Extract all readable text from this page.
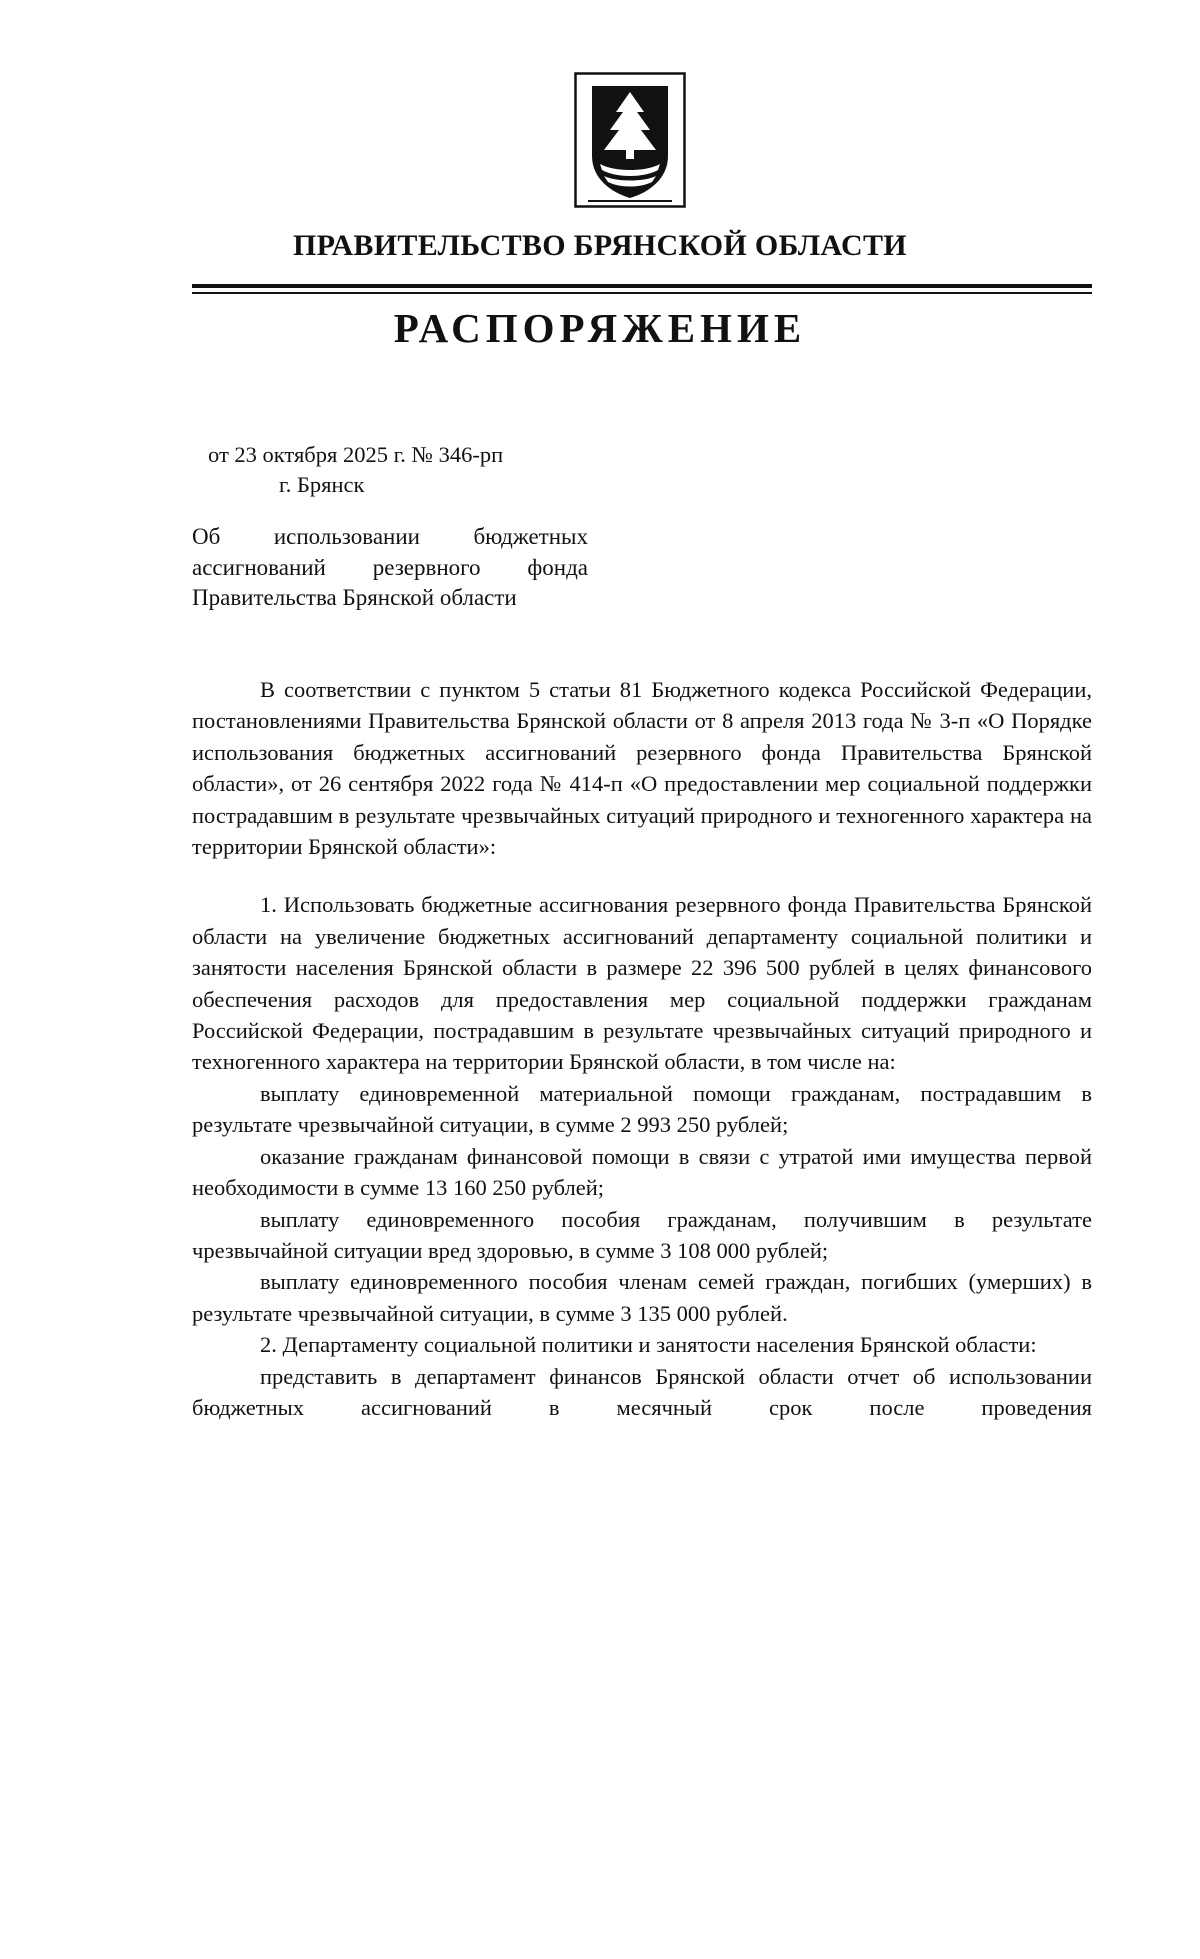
ПРАВИТЕЛЬСТВО БРЯНСКОЙ ОБЛАСТИ
РАСПОРЯЖЕНИЕ
от 23 октября 2025 г. № 346-рп
г. Брянск
Об использовании бюджетных
ассигнований резервного фонда
Правительства Брянской области

В соответствии с пунктом 5 статьи 81 Бюджетного кодекса Российской Федерации, постановлениями Правительства Брянской области от 8 апреля 2013 года № 3-п «О Порядке использования бюджетных ассигнований резервного фонда Правительства Брянской области», от 26 сентября 2022 года № 414-п «О предоставлении мер социальной поддержки пострадавшим в результате чрезвычайных ситуаций природного и техногенного характера на территории Брянской области»:

1. Использовать бюджетные ассигнования резервного фонда Правительства Брянской области на увеличение бюджетных ассигнований департаменту социальной политики и занятости населения Брянской области в размере 22 396 500 рублей в целях финансового обеспечения расходов для предоставления мер социальной поддержки гражданам Российской Федерации, пострадавшим в результате чрезвычайных ситуаций природного и техногенного характера на территории Брянской области, в том числе на:

выплату единовременной материальной помощи гражданам, пострадавшим в результате чрезвычайной ситуации, в сумме 2 993 250 рублей;

оказание гражданам финансовой помощи в связи с утратой ими имущества первой необходимости в сумме 13 160 250 рублей;

выплату единовременного пособия гражданам, получившим в результате чрезвычайной ситуации вред здоровью, в сумме 3 108 000 рублей;

выплату единовременного пособия членам семей граждан, погибших (умерших) в результате чрезвычайной ситуации, в сумме 3 135 000 рублей.

2. Департаменту социальной политики и занятости населения Брянской области:

представить в департамент финансов Брянской области отчет об использовании бюджетных ассигнований в месячный срок после проведения
